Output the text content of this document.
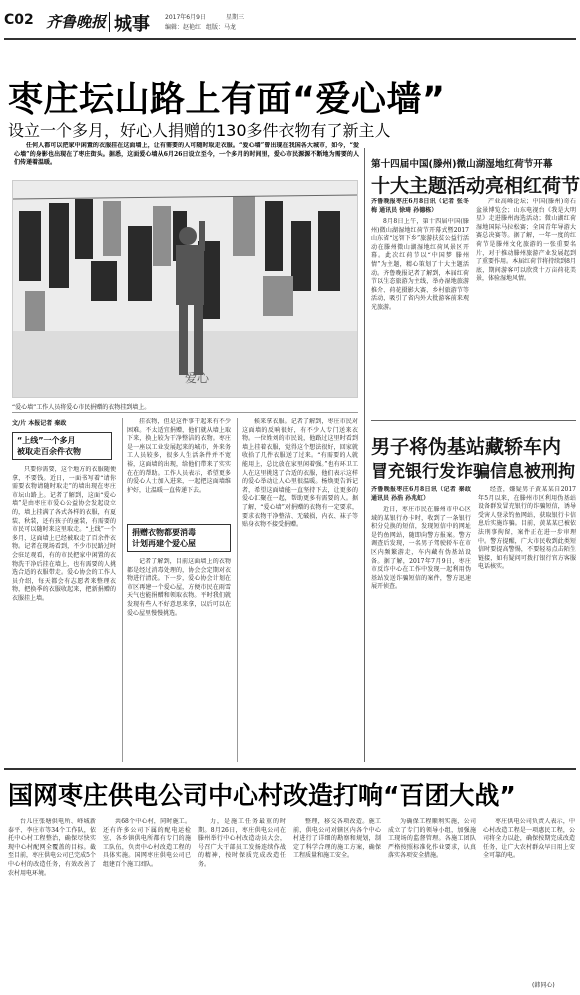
C02 齐鲁晚报 城事	2017年6月9日	星期三
编辑：赵艳红 组版：马龙
枣庄坛山路上有面“爱心墙”
设立一个多月，好心人捐赠的130多件衣物有了新主人
任何人都可以把家中闲置的衣服挂在这面墙上，让有需要的人可随时取走衣服。“爱心墙”曾出现在我国各大城市，如今，“爱心墙”的身影也出现在了枣庄街头。据悉，这面爱心墙从6月26日设立至今，一个多月的时间里，爱心市民源源不断地为需要的人们传递着温暖。
爱心
“爱心墙”工作人员将爱心市民捐赠的衣物挂到墙上。
文/片 本报记者 秦政
“上线”一个多月
被取走百余件衣物
只要你需要，这个地方的衣服随便拿，不要钱。近日，一面书写着“请你需要衣物请随时取走”的墙出现在枣庄市坛山路上。记者了解到，这面“爱心墙”是由枣庄市爱心公益协会发起设立的，墙上挂满了各式各样的衣服，有夏装、秋装，还有孩子的童装，有需要的市民可以随时来这里取走。“上线”一个多月，这面墙上已经被取走了百余件衣物。记者在现场看到，不少市民路过时会驻足观看，有的市民把家中闲置的衣物洗干净后挂在墙上，也有需要的人挑选合适的衣服带走。爱心协会的工作人员介绍，每天都会有志愿者来整理衣物，把换季的衣服收起来，把新捐赠的衣服挂上墙。
挂衣物，但是这件事干起来有不少困难。不太适宜捐赠，他们就从墙上取下来，换上较为干净整洁的衣物。枣庄是一座以工业发展起来的城市，外来务工人员较多，很多人生活条件并不宽裕，这面墙的出现，给他们带来了实实在在的帮助。工作人员表示，希望更多的爱心人士加入进来，一起把这面墙维护好，让温暖一直传递下去。
捐赠衣物都要消毒
计划再建个爱心屋
记者了解到，目前这面墙上的衣物都是经过消毒处理的，协会会定期对衣物进行清洗。下一步，爱心协会计划在市区再建一个爱心屋，方便市民在雨雪天气也能捐赠和领取衣物。平时我们就发现有些人不好意思来拿，以后可以在爱心屋里慢慢挑选。
候来拿衣服。记者了解到，枣庄市民对这面墙的反响很好，有不少人专门送来衣物。一位姓刘的市民说，他路过这里时看到墙上挂着衣服，觉得这个想法很好，回家就收拾了几件衣服送了过来。“有需要的人就能用上，总比放在家里闲着强。”也有环卫工人在这里挑选了合适的衣服，他们表示这样的爱心举动让人心里很温暖。杨焕更告诉记者，希望这面墙能一直坚持下去，让更多的爱心汇聚在一起，帮助更多有需要的人。据了解，“爱心墙”对捐赠的衣物有一定要求，要求衣物干净整洁、无破损，内衣、袜子等贴身衣物不接受捐赠。
第十四届中国(滕州)微山湖湿地红荷节开幕
十大主题活动亮相红荷节
齐鲁晚报枣庄6月8日讯（记者 张冬梅 通讯员 徐琦 孙德栋）
8月8日上午，第十四届中国(滕州)微山湖湿地红荷节开幕式暨2017山东省“远智下乡”旅游扶贫公益行活动在滕州微山湖湿地红荷风景区开幕。此次红荷节以“中国梦 滕州情”为主题，精心策划了十大主题活动。齐鲁晚报记者了解到，本届红荷节以生态旅游为主线，举办湿地旅游推介、荷花摄影大赛、乡村旅游节等活动，吸引了省内外大批游客前来观光旅游。
产业高峰论坛；中国(滕州)奇石盆景博览会；山东电视台《我是大明星》走进滕州海选活动；微山湖红荷湿地国际马拉松赛；全国青年导游大赛总决赛等。据了解，一年一度的红荷节是滕州文化旅游的一张重要名片，对于推动滕州旅游产业发展起到了重要作用。本届红荷节将持续到8月底，期间游客可以欣赏十万亩荷花美景，体验湿地风情。
男子将伪基站藏轿车内
冒充银行发诈骗信息被刑拘
齐鲁晚报枣庄6月8日讯（记者 秦政 通讯员 孙浩 孙兆虹）
近日，枣庄市民在滕州市中心区域的某银行办卡时，收到了一条银行积分兑换的短信，发现短信中的网址是钓鱼网站，随即向警方报案。警方调查后发现，一名男子驾驶轿车在市区内频繁游走，车内藏有伪基站设备。据了解，2017年7月9日，枣庄市反诈中心在工作中发现一起利用伪基站发送诈骗短信的案件，警方迅速展开侦查。
经查，嫌疑男子黄某某自2017年5月以来，在滕州市区利用伪基站设备群发冒充银行的诈骗短信，诱导受害人登录钓鱼网站，获取银行卡信息后实施诈骗。目前，黄某某已被依法刑事拘留，案件正在进一步审理中。警方提醒，广大市民收到此类短信时要提高警惕，不要轻易点击陌生链接，如有疑问可拨打银行官方客服电话核实。
国网枣庄供电公司中心村改造打响“百团大战”
台儿庄张塘供电所、峄城新泰平、李庄市等34个工作队，依托中心村工程整治，确保尽快实现中心村配网全覆盖的目标。截至目前，枣庄供电公司已完成5个中心村的改造任务，有效改善了农村用电环境。
共68个中心村，同时施工。还有许多公司下属的配电运检室、各乡镇供电所都有专门的施工队伍，负责中心村改造工程的具体实施。国网枣庄供电公司已组建百个施工团队。
力，是施工任务最重的时期。8月26日，枣庄供电公司在滕州举行中心村改造动员大会，号召广大干部员工发扬连续作战的精神，按时保质完成改造任务。
整理，移交各项改造。施工前，供电公司对辖区内各个中心村进行了详细的勘察和规划，制定了科学合理的施工方案，确保工程质量和施工安全。
为确保工程顺利实施，公司成立了专门的领导小组，加强施工现场的监督管理。各施工团队严格按照标准化作业要求，认真落实各项安全措施。
枣庄供电公司负责人表示，中心村改造工程是一项惠民工程，公司将全力以赴，确保按期完成改造任务，让广大农村群众早日用上安全可靠的电。
(韩同心)
